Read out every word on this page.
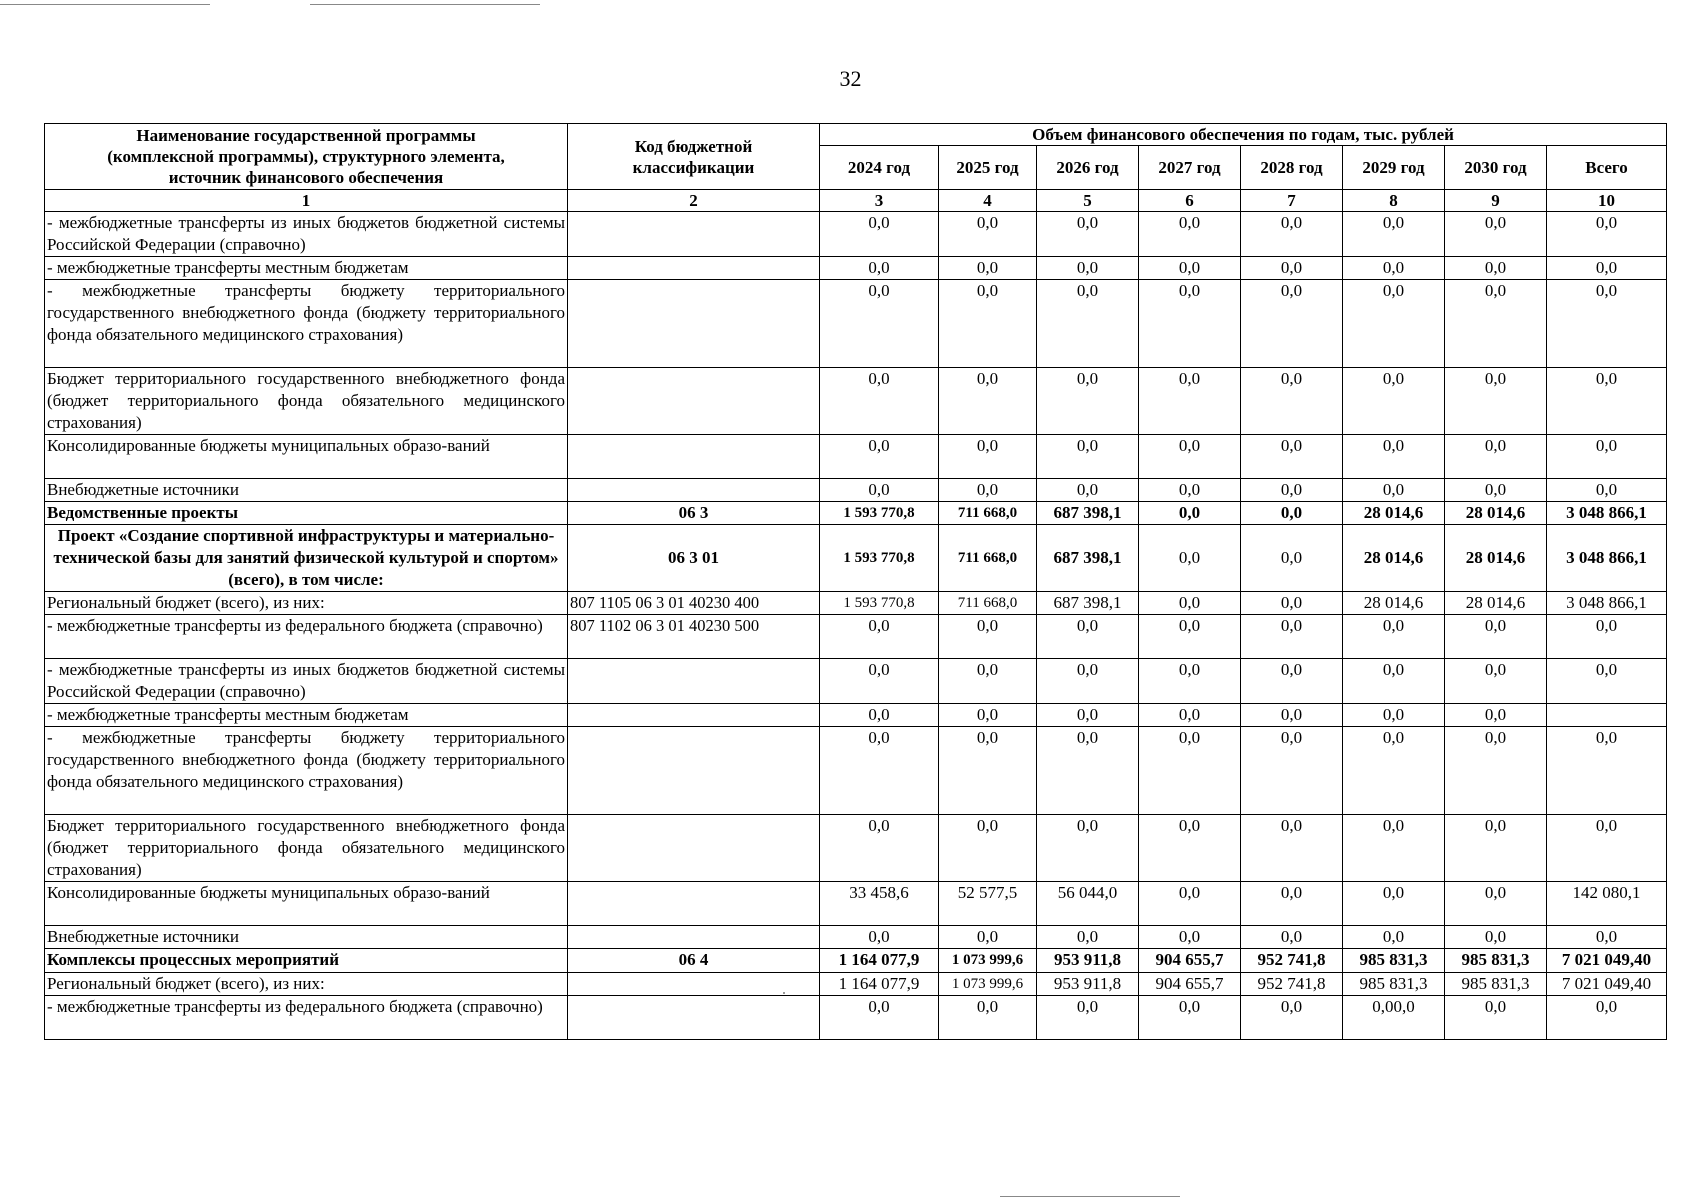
32
Наименование государственной программы (комплексной программы), структурного элемента, источник финансового обеспечения	Код бюджетной классификации	Объем финансового обеспечения по годам, тыс. рублей							
		2024 год	2025 год	2026 год	2027 год	2028 год	2029 год	2030 год	Всего
1	2	3	4	5	6	7	8	9	10
- межбюджетные трансферты из иных бюджетов бюджетной системы Российской Федерации (справочно)		0,0	0,0	0,0	0,0	0,0	0,0	0,0	0,0
- межбюджетные трансферты местным бюджетам		0,0	0,0	0,0	0,0	0,0	0,0	0,0	0,0
- межбюджетные трансферты бюджету территориального государственного внебюджетного фонда (бюджету территориального фонда обязательного медицинского страхования)		0,0	0,0	0,0	0,0	0,0	0,0	0,0	0,0
Бюджет территориального государственного внебюджетного фонда (бюджет территориального фонда обязательного медицинского страхования)		0,0	0,0	0,0	0,0	0,0	0,0	0,0	0,0
Консолидированные бюджеты муниципальных образо-ваний		0,0	0,0	0,0	0,0	0,0	0,0	0,0	0,0
Внебюджетные источники		0,0	0,0	0,0	0,0	0,0	0,0	0,0	0,0
Ведомственные проекты	06 3	1 593 770,8	711 668,0	687 398,1	0,0	0,0	28 014,6	28 014,6	3 048 866,1
Проект «Создание спортивной инфраструктуры и материально-технической базы для занятий физической культурой и спортом» (всего), в том числе:	06 3 01	1 593 770,8	711 668,0	687 398,1	0,0	0,0	28 014,6	28 014,6	3 048 866,1
Региональный бюджет (всего), из них:	807 1105 06 3 01 40230 400	1 593 770,8	711 668,0	687 398,1	0,0	0,0	28 014,6	28 014,6	3 048 866,1
- межбюджетные трансферты из федерального бюджета (справочно)	807 1102 06 3 01 40230 500	0,0	0,0	0,0	0,0	0,0	0,0	0,0	0,0
- межбюджетные трансферты из иных бюджетов бюджетной системы Российской Федерации (справочно)		0,0	0,0	0,0	0,0	0,0	0,0	0,0	0,0
- межбюджетные трансферты местным бюджетам		0,0	0,0	0,0	0,0	0,0	0,0	0,0	
- межбюджетные трансферты бюджету территориального государственного внебюджетного фонда (бюджету территориального фонда обязательного медицинского страхования)		0,0	0,0	0,0	0,0	0,0	0,0	0,0	0,0
Бюджет территориального государственного внебюджетного фонда (бюджет территориального фонда обязательного медицинского страхования)		0,0	0,0	0,0	0,0	0,0	0,0	0,0	0,0
Консолидированные бюджеты муниципальных образо-ваний		33 458,6	52 577,5	56 044,0	0,0	0,0	0,0	0,0	142 080,1
Внебюджетные источники		0,0	0,0	0,0	0,0	0,0	0,0	0,0	0,0
Комплексы процессных мероприятий	06 4	1 164 077,9	1 073 999,6	953 911,8	904 655,7	952 741,8	985 831,3	985 831,3	7 021 049,40
Региональный бюджет (всего), из них:		1 164 077,9	1 073 999,6	953 911,8	904 655,7	952 741,8	985 831,3	985 831,3	7 021 049,40
- межбюджетные трансферты из федерального бюджета (справочно)		0,0	0,0	0,0	0,0	0,0	0,00,0	0,0	0,0
